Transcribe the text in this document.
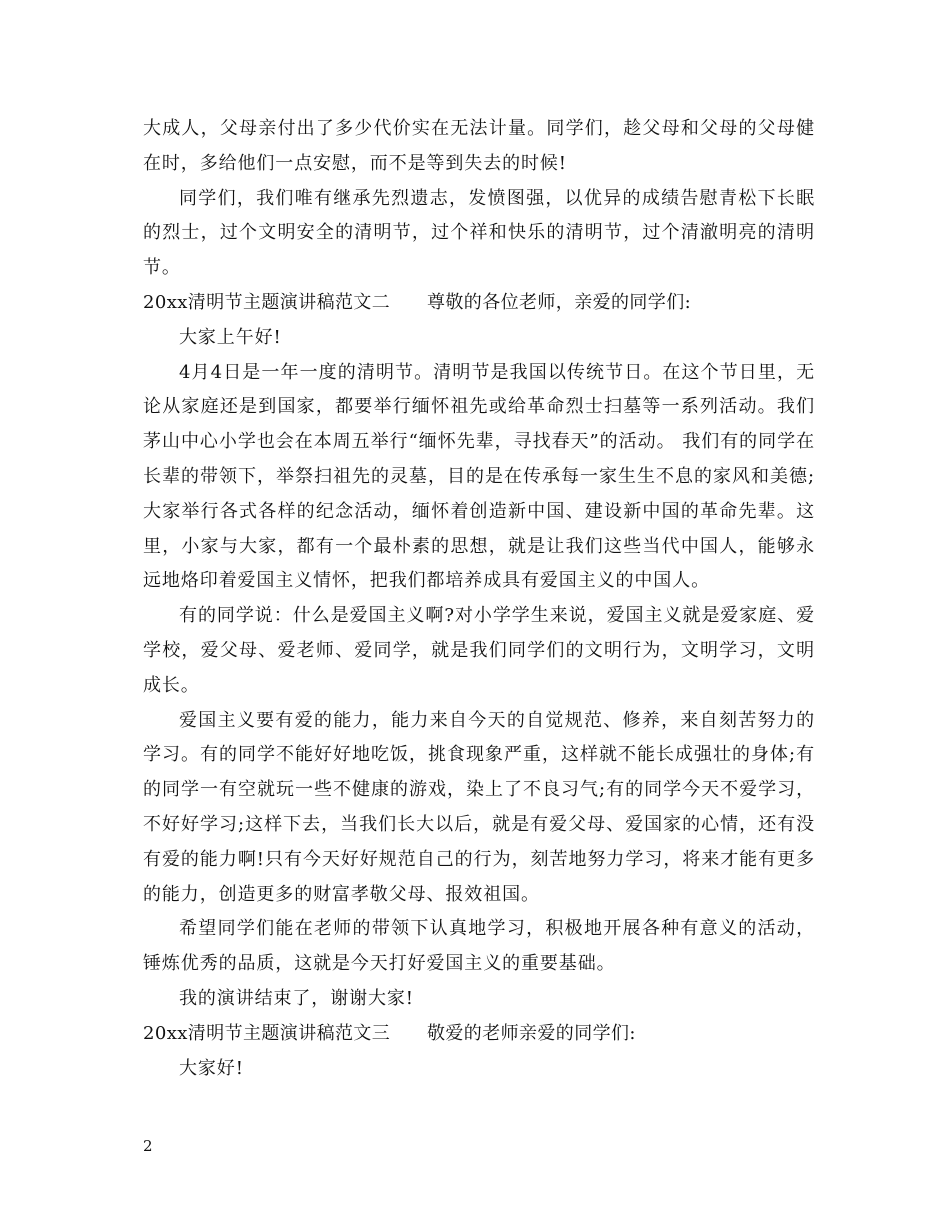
大成人，父母亲付出了多少代价实在无法计量。同学们，趁父母和父母的父母健在时，多给他们一点安慰，而不是等到失去的时候!

同学们，我们唯有继承先烈遗志，发愤图强，以优异的成绩告慰青松下长眠的烈士，过个文明安全的清明节，过个祥和快乐的清明节，过个清澈明亮的清明节。

20xx清明节主题演讲稿范文二　　尊敬的各位老师，亲爱的同学们:

大家上午好!

4月4日是一年一度的清明节。清明节是我国以传统节日。在这个节日里，无论从家庭还是到国家，都要举行缅怀祖先或给革命烈士扫墓等一系列活动。我们茅山中心小学也会在本周五举行“缅怀先辈，寻找春天”的活动。 我们有的同学在长辈的带领下，举祭扫祖先的灵墓，目的是在传承每一家生生不息的家风和美德;大家举行各式各样的纪念活动，缅怀着创造新中国、建设新中国的革命先辈。这里，小家与大家，都有一个最朴素的思想，就是让我们这些当代中国人，能够永远地烙印着爱国主义情怀，把我们都培养成具有爱国主义的中国人。

有的同学说：什么是爱国主义啊?对小学学生来说，爱国主义就是爱家庭、爱学校，爱父母、爱老师、爱同学，就是我们同学们的文明行为，文明学习，文明成长。

爱国主义要有爱的能力，能力来自今天的自觉规范、修养，来自刻苦努力的学习。有的同学不能好好地吃饭，挑食现象严重，这样就不能长成强壮的身体;有的同学一有空就玩一些不健康的游戏，染上了不良习气;有的同学今天不爱学习，不好好学习;这样下去，当我们长大以后，就是有爱父母、爱国家的心情，还有没有爱的能力啊!只有今天好好规范自己的行为，刻苦地努力学习，将来才能有更多的能力，创造更多的财富孝敬父母、报效祖国。

希望同学们能在老师的带领下认真地学习，积极地开展各种有意义的活动，锤炼优秀的品质，这就是今天打好爱国主义的重要基础。

我的演讲结束了，谢谢大家!

20xx清明节主题演讲稿范文三　　敬爱的老师亲爱的同学们:

大家好!

2
